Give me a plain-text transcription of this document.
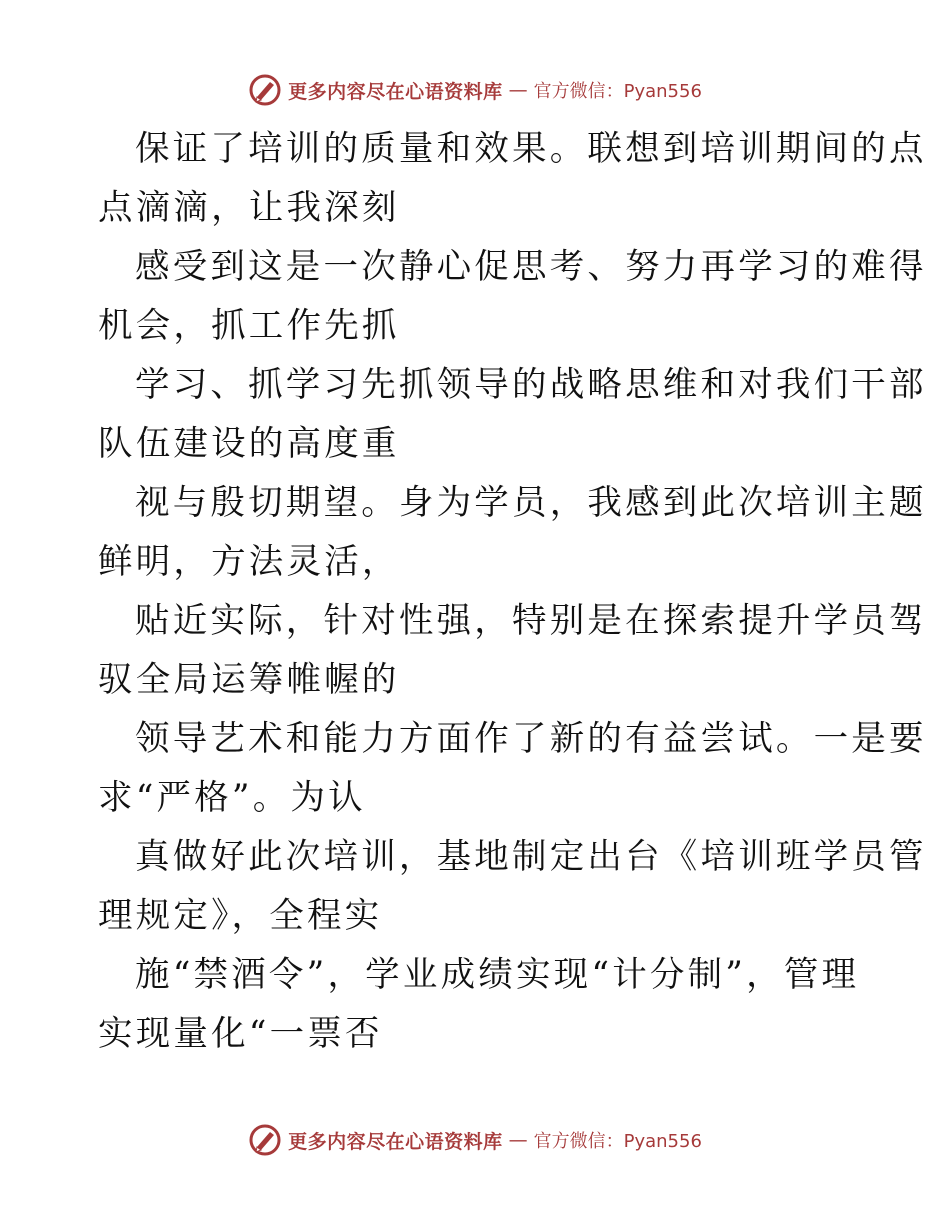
更多内容尽在心语资料库 — 官方微信：Pyan556
保证了培训的质量和效果。联想到培训期间的点
点滴滴，让我深刻
感受到这是一次静心促思考、努力再学习的难得
机会，抓工作先抓
学习、抓学习先抓领导的战略思维和对我们干部
队伍建设的高度重
视与殷切期望。身为学员，我感到此次培训主题
鲜明，方法灵活，
贴近实际，针对性强，特别是在探索提升学员驾
驭全局运筹帷幄的
领导艺术和能力方面作了新的有益尝试。一是要
求“严格”。为认
真做好此次培训，基地制定出台《培训班学员管
理规定》，全程实
施“禁酒令”，学业成绩实现“计分制”，管理
实现量化“一票否
更多内容尽在心语资料库 — 官方微信：Pyan556
